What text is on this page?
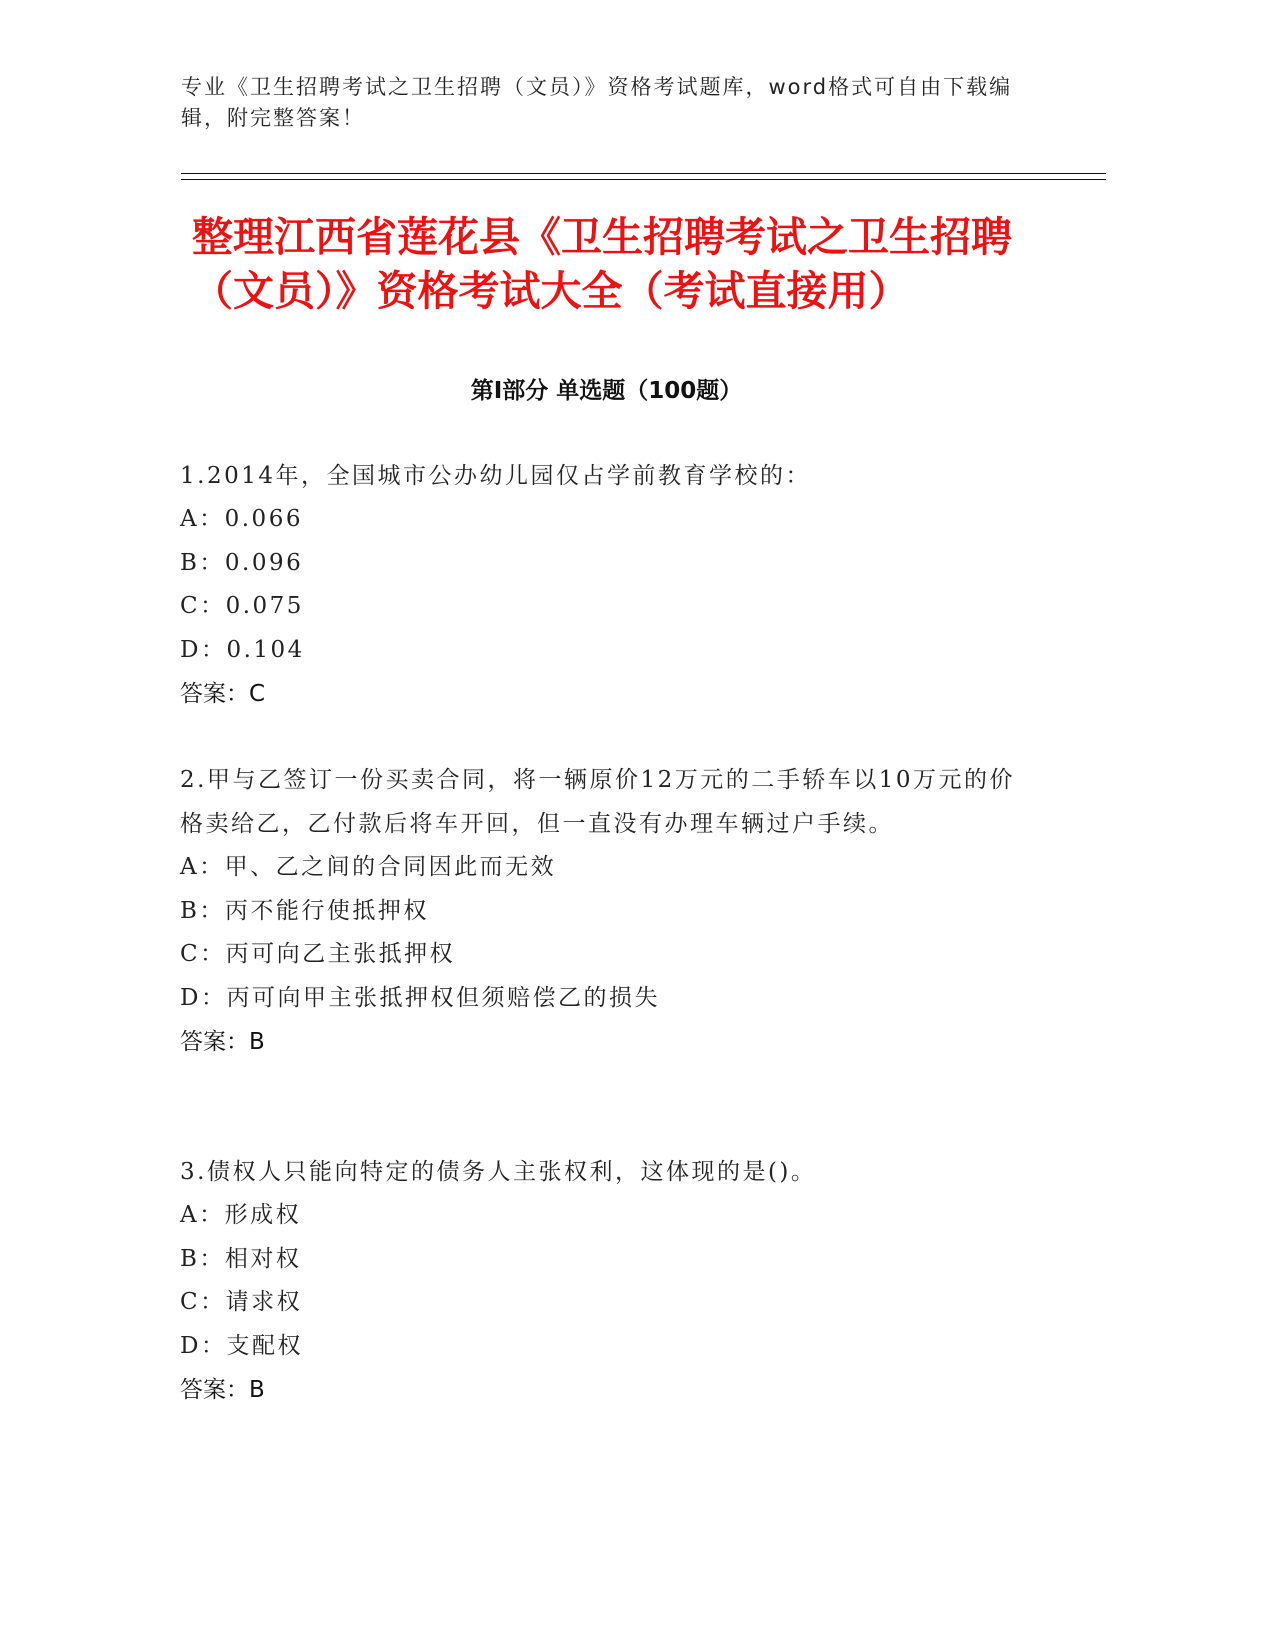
专业《卫生招聘考试之卫生招聘（文员）》资格考试题库，word格式可自由下载编辑，附完整答案！
整理江西省莲花县《卫生招聘考试之卫生招聘（文员）》资格考试大全（考试直接用）
第Ⅰ部分 单选题（100题）
1.2014年，全国城市公办幼儿园仅占学前教育学校的：
A：0.066
B：0.096
C：0.075
D：0.104
答案：C
2.甲与乙签订一份买卖合同，将一辆原价12万元的二手轿车以10万元的价格卖给乙，乙付款后将车开回，但一直没有办理车辆过户手续。
A：甲、乙之间的合同因此而无效
B：丙不能行使抵押权
C：丙可向乙主张抵押权
D：丙可向甲主张抵押权但须赔偿乙的损失
答案：B
3.债权人只能向特定的债务人主张权利，这体现的是()。
A：形成权
B：相对权
C：请求权
D：支配权
答案：B
